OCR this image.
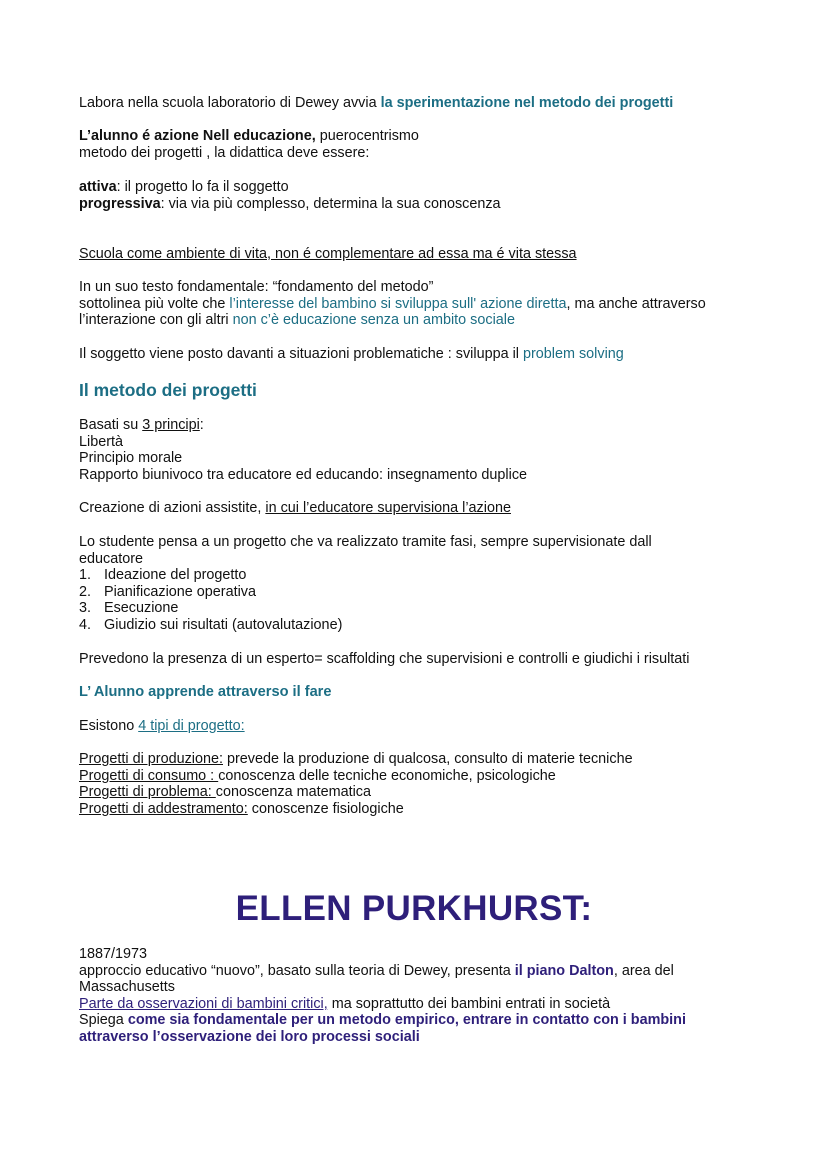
Labora nella scuola laboratorio di Dewey avvia la sperimentazione nel metodo dei progetti

L’alunno é azione Nell educazione, puerocentrismo
metodo dei progetti , la didattica deve essere:

attiva: il progetto lo fa il soggetto
progressiva: via via più complesso, determina la sua conoscenza

Scuola come ambiente di vita, non é complementare ad essa ma é vita stessa

In un suo testo fondamentale: “fondamento del metodo”
sottolinea più volte che l’interesse del bambino si sviluppa sull' azione diretta, ma anche attraverso
l’interazione con gli altri non c’è educazione senza un ambito sociale

Il soggetto viene posto davanti a situazioni problematiche : sviluppa il problem solving

Il metodo dei progetti
Basati su 3 principi:
Libertà
Principio morale
Rapporto biunivoco tra educatore ed educando: insegnamento duplice

Creazione di azioni assistite, in cui l’educatore supervisiona l’azione

Lo studente pensa a un progetto che va realizzato tramite fasi, sempre supervisionate dall educatore
1. Ideazione del progetto
2. Pianificazione operativa
3. Esecuzione
4. Giudizio sui risultati (autovalutazione)

Prevedono la presenza di un esperto= scaffolding che supervisioni e controlli e giudichi i risultati

L’ Alunno apprende attraverso il fare

Esistono 4 tipi di progetto:

Progetti di produzione: prevede la produzione di qualcosa, consulto di materie tecniche
Progetti di consumo : conoscenza delle tecniche economiche, psicologiche
Progetti di problema: conoscenza matematica
Progetti di addestramento: conoscenze fisiologiche
ELLEN PURKHURST:
1887/1973
approccio educativo “nuovo”, basato sulla teoria di Dewey, presenta il piano Dalton, area del Massachusetts
Parte da osservazioni di bambini critici, ma soprattutto dei bambini entrati in società
Spiega come sia fondamentale per un metodo empirico, entrare in contatto con i bambini attraverso l’osservazione dei loro processi sociali
